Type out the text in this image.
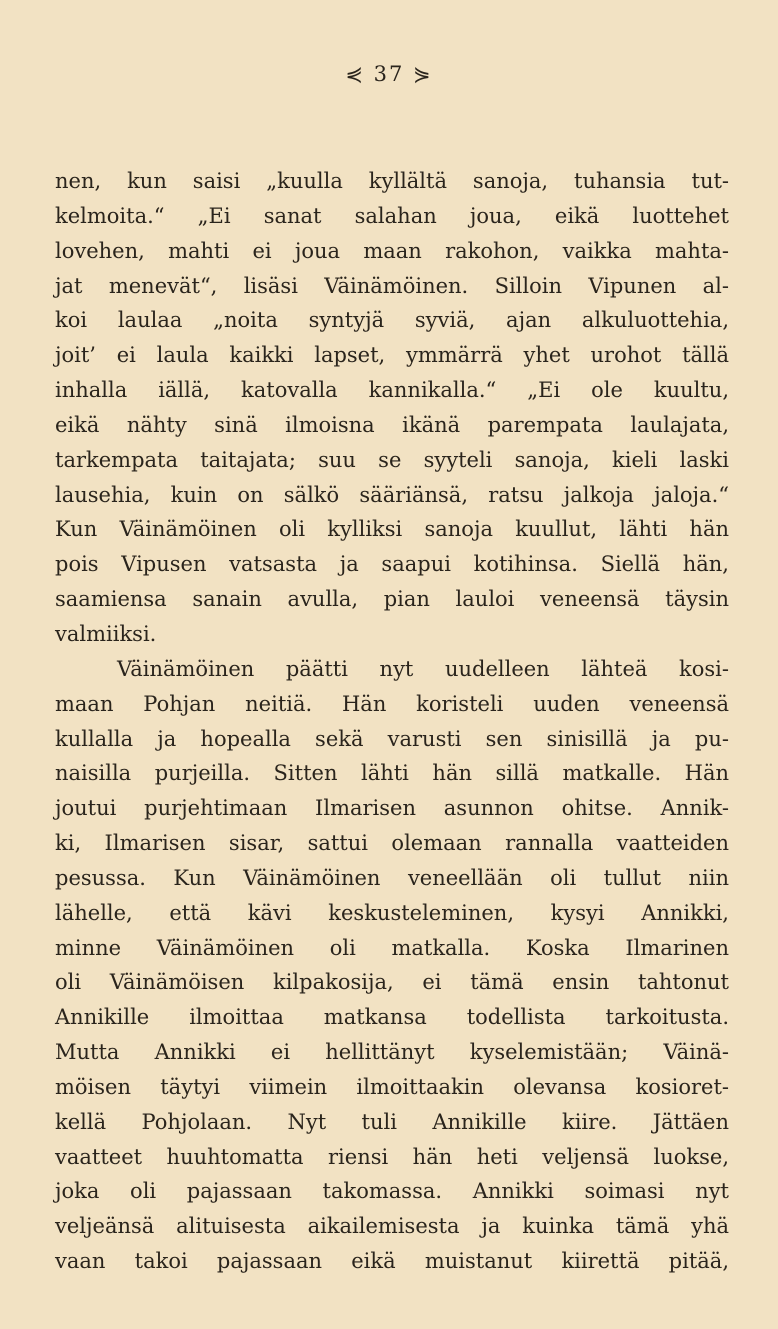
⋞ 37 ⋟
nen, kun saisi „kuulla kyllältä sanoja, tuhansia tut-
kelmoita.“ „Ei sanat salahan joua, eikä luottehet
lovehen, mahti ei joua maan rakohon, vaikka mahta-
jat menevät“, lisäsi Väinämöinen. Silloin Vipunen al-
koi laulaa „noita syntyjä syviä, ajan alkuluottehia,
joit’ ei laula kaikki lapset, ymmärrä yhet urohot tällä
inhalla iällä, katovalla kannikalla.“ „Ei ole kuultu,
eikä nähty sinä ilmoisna ikänä parempata laulajata,
tarkempata taitajata; suu se syyteli sanoja, kieli laski
lausehia, kuin on sälkö sääriänsä, ratsu jalkoja jaloja.“
Kun Väinämöinen oli kylliksi sanoja kuullut, lähti hän
pois Vipusen vatsasta ja saapui kotihinsa. Siellä hän,
saamiensa sanain avulla, pian lauloi veneensä täysin
valmiiksi.
Väinämöinen päätti nyt uudelleen lähteä kosi-
maan Pohjan neitiä. Hän koristeli uuden veneensä
kullalla ja hopealla sekä varusti sen sinisillä ja pu-
naisilla purjeilla. Sitten lähti hän sillä matkalle. Hän
joutui purjehtimaan Ilmarisen asunnon ohitse. Annik-
ki, Ilmarisen sisar, sattui olemaan rannalla vaatteiden
pesussa. Kun Väinämöinen veneellään oli tullut niin
lähelle, että kävi keskusteleminen, kysyi Annikki,
minne Väinämöinen oli matkalla. Koska Ilmarinen
oli Väinämöisen kilpakosija, ei tämä ensin tahtonut
Annikille ilmoittaa matkansa todellista tarkoitusta.
Mutta Annikki ei hellittänyt kyselemistään; Väinä-
möisen täytyi viimein ilmoittaakin olevansa kosioret-
kellä Pohjolaan. Nyt tuli Annikille kiire. Jättäen
vaatteet huuhtomatta riensi hän heti veljensä luokse,
joka oli pajassaan takomassa. Annikki soimasi nyt
veljeänsä alituisesta aikailemisesta ja kuinka tämä yhä
vaan takoi pajassaan eikä muistanut kiirettä pitää,
